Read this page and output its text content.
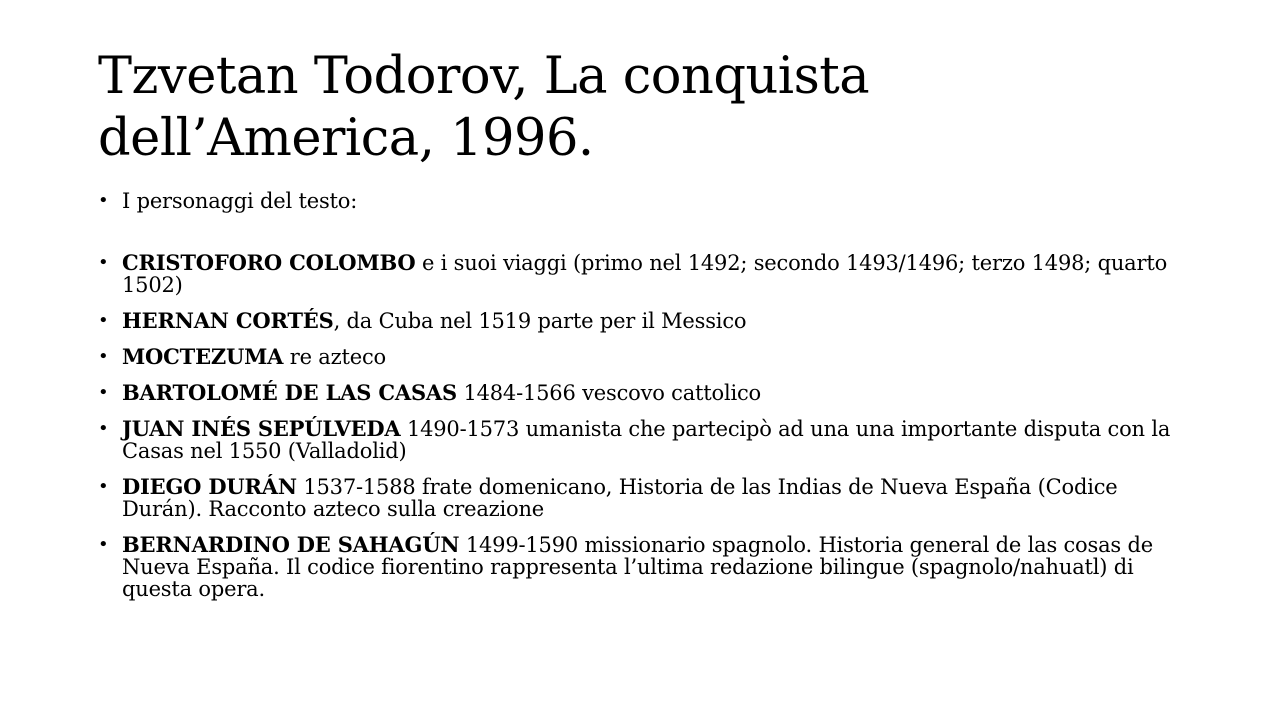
Tzvetan Todorov, La conquista
dell’America, 1996.
• I personaggi del testo:
• CRISTOFORO COLOMBO e i suoi viaggi (primo nel 1492; secondo 1493/1496; terzo 1498; quarto 1502)
• HERNAN CORTÉS, da Cuba nel 1519 parte per il Messico
• MOCTEZUMA re azteco
• BARTOLOMÉ DE LAS CASAS 1484-1566 vescovo cattolico
• JUAN INÉS SEPÚLVEDA 1490-1573 umanista che partecipò ad una una importante disputa con la Casas nel 1550 (Valladolid)
• DIEGO DURÁN 1537-1588 frate domenicano, Historia de las Indias de Nueva España (Codice Durán). Racconto azteco sulla creazione
• BERNARDINO DE SAHAGÚN 1499-1590 missionario spagnolo. Historia general de las cosas de Nueva España. Il codice fiorentino rappresenta l’ultima redazione bilingue (spagnolo/nahuatl) di questa opera.
